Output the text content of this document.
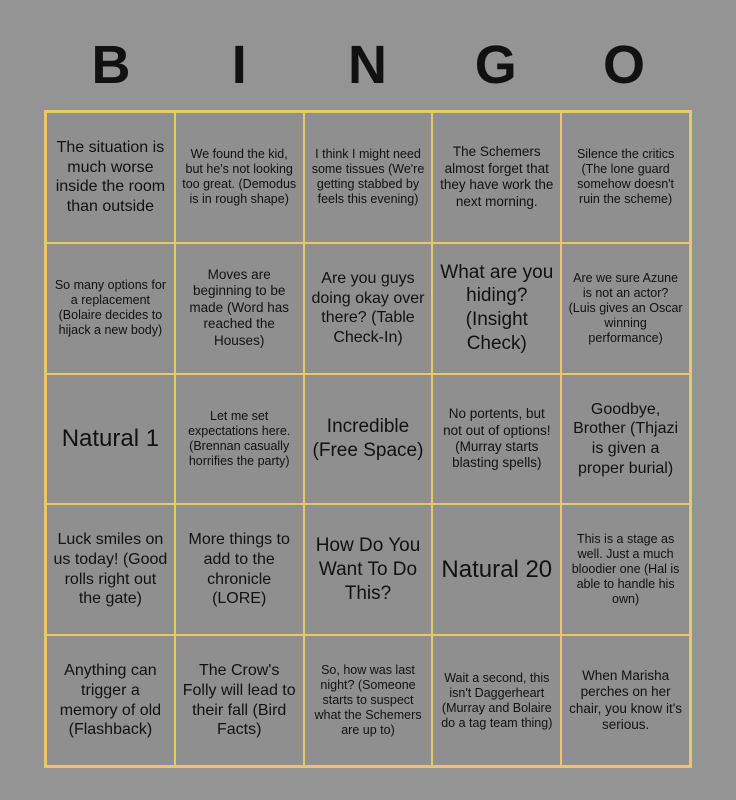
B	I	N	G	O
The situation is much worse inside the room than outside
We found the kid, but he's not looking too great. (Demodus is in rough shape)
I think I might need some tissues (We're getting stabbed by feels this evening)
The Schemers almost forget that they have work the next morning.
Silence the critics (The lone guard somehow doesn't ruin the scheme)
So many options for a replacement (Bolaire decides to hijack a new body)
Moves are beginning to be made (Word has reached the Houses)
Are you guys doing okay over there? (Table Check-In)
What are you hiding? (Insight Check)
Are we sure Azune is not an actor? (Luis gives an Oscar winning performance)
Natural 1
Let me set expectations here. (Brennan casually horrifies the party)
Incredible (Free Space)
No portents, but not out of options! (Murray starts blasting spells)
Goodbye, Brother (Thjazi is given a proper burial)
Luck smiles on us today! (Good rolls right out the gate)
More things to add to the chronicle (LORE)
How Do You Want To Do This?
Natural 20
This is a stage as well. Just a much bloodier one (Hal is able to handle his own)
Anything can trigger a memory of old (Flashback)
The Crow's Folly will lead to their fall (Bird Facts)
So, how was last night? (Someone starts to suspect what the Schemers are up to)
Wait a second, this isn't Daggerheart (Murray and Bolaire do a tag team thing)
When Marisha perches on her chair, you know it's serious.
